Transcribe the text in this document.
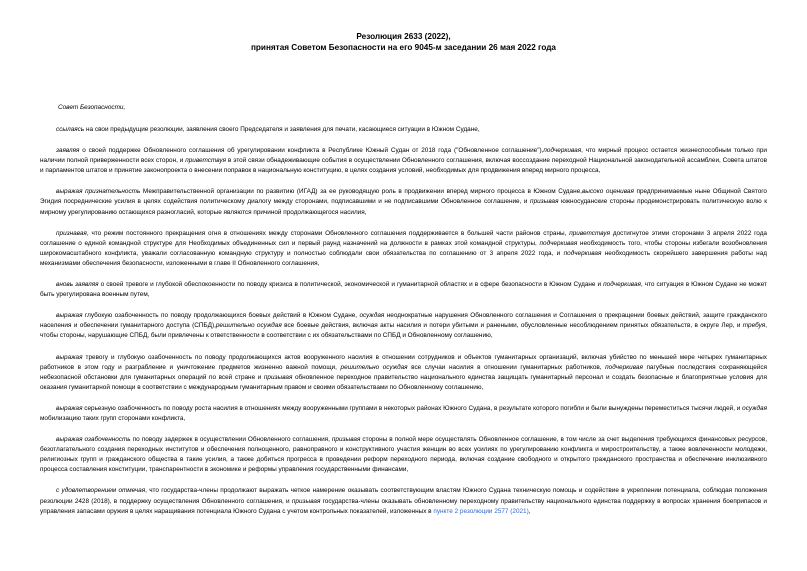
Резолюция 2633 (2022),

принятая Советом Безопасности на его 9045-м заседании 26 мая 2022 года

Совет Безопасности,

ссылаясь на свои предыдущие резолюции, заявления своего Председателя и заявления для печати, касающиеся ситуации в Южном Судане,

заявляя о своей поддержке Обновленного соглашения об урегулировании конфликта в Республике Южный Судан от 2018 года ("Обновленное соглашение"),подчеркивая, что мирный процесс остается жизнеспособным только при наличии полной приверженности всех сторон, и приветствуя в этой связи обнадеживающие события в осуществлении Обновленного соглашения, включая воссоздание переходной Национальной законодательной ассамблеи, Совета штатов и парламентов штатов и принятие законопроекта о внесении поправок в национальную конституцию, в целях создания условий, необходимых для продвижения вперед мирного процесса,

выражая признательность Межправительственной организации по развитию (ИГАД) за ее руководящую роль в продвижении вперед мирного процесса в Южном Судане,высоко оценивая предпринимаемые ныне Общиной Святого Эгидия посреднические усилия в целях содействия политическому диалогу между сторонами, подписавшими и не подписавшими Обновленное соглашение, и призывая южносуданские стороны продемонстрировать политическую волю к мирному урегулированию остающихся разногласий, которые являются причиной продолжающегося насилия,

признавая, что режим постоянного прекращения огня в отношениях между сторонами Обновленного соглашения поддерживается в большей части районов страны, приветствуя достигнутое этими сторонами 3 апреля 2022 года соглашение о единой командной структуре для Необходимых объединенных сил и первый раунд назначений на должности в рамках этой командной структуры, подчеркивая необходимость того, чтобы стороны избегали возобновления широкомасштабного конфликта, уважали согласованную командную структуру и полностью соблюдали свои обязательства по соглашению от 3 апреля 2022 года, и подчеркивая необходимость скорейшего завершения работы над механизмами обеспечения безопасности, изложенными в главе II Обновленного соглашения,

вновь заявляя о своей тревоге и глубокой обеспокоенности по поводу кризиса в политической, экономической и гуманитарной областях и в сфере безопасности в Южном Судане и подчеркивая, что ситуация в Южном Судане не может быть урегулирована военным путем,

выражая глубокую озабоченность по поводу продолжающихся боевых действий в Южном Судане, осуждая неоднократные нарушения Обновленного соглашения и Соглашения о прекращении боевых действий, защите гражданского населения и обеспечении гуманитарного доступа (СПБД),решительно осуждая все боевые действия, включая акты насилия и потери убитыми и ранеными, обусловленные несоблюдением принятых обязательств, в округе Лер, и требуя, чтобы стороны, нарушающие СПБД, были привлечены к ответственности в соответствии с их обязательствами по СПБД и Обновленному соглашению,

выражая тревогу и глубокую озабоченность по поводу продолжающихся актов вооруженного насилия в отношении сотрудников и объектов гуманитарных организаций, включая убийство по меньшей мере четырех гуманитарных работников в этом году и разграбление и уничтожение предметов жизненно важной помощи, решительно осуждая все случаи насилия в отношении гуманитарных работников, подчеркивая пагубные последствия сохраняющейся небезопасной обстановки для гуманитарных операций по всей стране и призывая обновленное переходное правительство национального единства защищать гуманитарный персонал и создать безопасные и благоприятные условия для оказания гуманитарной помощи в соответствии с международным гуманитарным правом и своими обязательствами по Обновленному соглашению,

выражая серьезную озабоченность по поводу роста насилия в отношениях между вооруженными группами в некоторых районах Южного Судана, в результате которого погибли и были вынуждены переместиться тысячи людей, и осуждая мобилизацию таких групп сторонами конфликта,

выражая озабоченность по поводу задержек в осуществлении Обновленного соглашения, призывая стороны в полной мере осуществлять Обновленное соглашение, в том числе за счет выделения требующихся финансовых ресурсов, безотлагательного создания переходных институтов и обеспечения полноценного, равноправного и конструктивного участия женщин во всех усилиях по урегулированию конфликта и миростроительству, а также вовлеченности молодежи, религиозных групп и гражданского общества в такие усилия, а также добиться прогресса в проведении реформ переходного периода, включая создание свободного и открытого гражданского пространства и обеспечение инклюзивного процесса составления конституции, транспарентности в экономике и реформы управления государственными финансами,

с удовлетворением отмечая, что государства-члены продолжают выражать четкое намерение оказывать соответствующим властям Южного Судана техническую помощь и содействие в укреплении потенциала, соблюдая положения резолюции 2428 (2018), в поддержку осуществления Обновленного соглашения, и призывая государства-члены оказывать обновленному переходному правительству национального единства поддержку в вопросах хранения боеприпасов и управления запасами оружия в целях наращивания потенциала Южного Судана с учетом контрольных показателей, изложенных в пункте 2 резолюции 2577 (2021),
